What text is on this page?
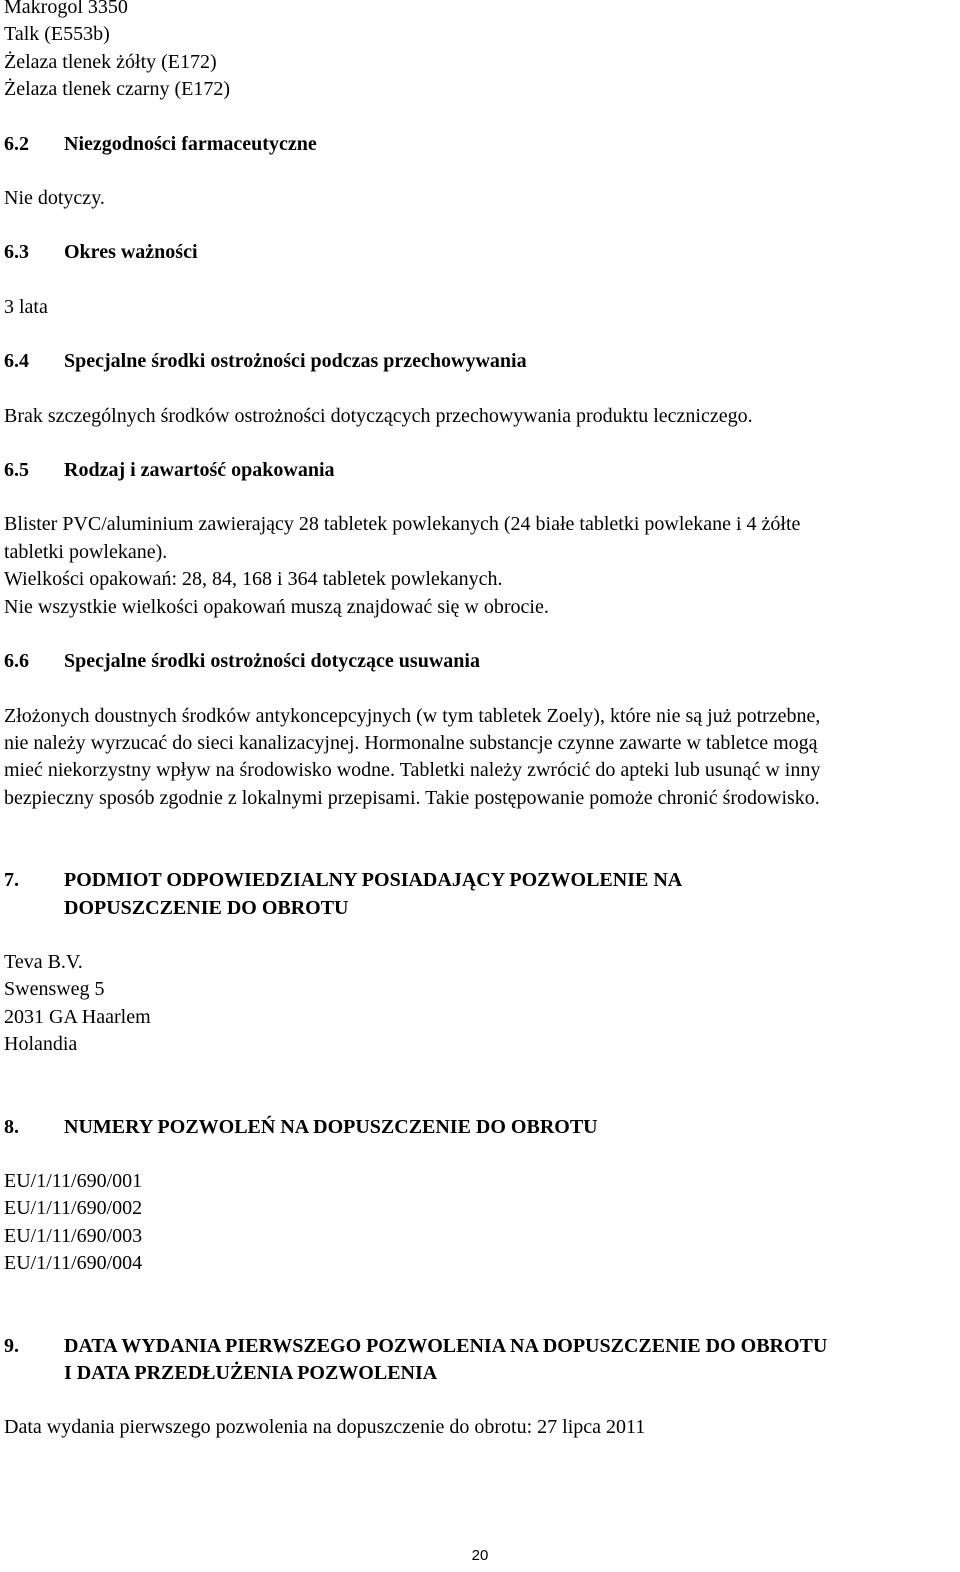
Makrogol 3350
Talk (E553b)
Żelaza tlenek żółty (E172)
Żelaza tlenek czarny (E172)
6.2	Niezgodności farmaceutyczne

Nie dotyczy.

6.3	Okres ważności

3 lata

6.4	Specjalne środki ostrożności podczas przechowywania

Brak szczególnych środków ostrożności dotyczących przechowywania produktu leczniczego.

6.5	Rodzaj i zawartość opakowania
Blister PVC/aluminium zawierający 28 tabletek powlekanych (24 białe tabletki powlekane i 4 żółte
tabletki powlekane).
Wielkości opakowań: 28, 84, 168 i 364 tabletek powlekanych.
Nie wszystkie wielkości opakowań muszą znajdować się w obrocie.
6.6	Specjalne środki ostrożności dotyczące usuwania
Złożonych doustnych środków antykoncepcyjnych (w tym tabletek Zoely), które nie są już potrzebne,
nie należy wyrzucać do sieci kanalizacyjnej. Hormonalne substancje czynne zawarte w tabletce mogą
mieć niekorzystny wpływ na środowisko wodne. Tabletki należy zwrócić do apteki lub usunąć w inny
bezpieczny sposób zgodnie z lokalnymi przepisami. Takie postępowanie pomoże chronić środowisko.
7.	PODMIOT ODPOWIEDZIALNY POSIADAJĄCY POZWOLENIE NA
DOPUSZCZENIE DO OBROTU
Teva B.V.
Swensweg 5
2031 GA Haarlem
Holandia
8.	NUMERY POZWOLEŃ NA DOPUSZCZENIE DO OBROTU
EU/1/11/690/001
EU/1/11/690/002
EU/1/11/690/003
EU/1/11/690/004
9.	DATA WYDANIA PIERWSZEGO POZWOLENIA NA DOPUSZCZENIE DO OBROTU
I DATA PRZEDŁUŻENIA POZWOLENIA

Data wydania pierwszego pozwolenia na dopuszczenie do obrotu: 27 lipca 2011

20
